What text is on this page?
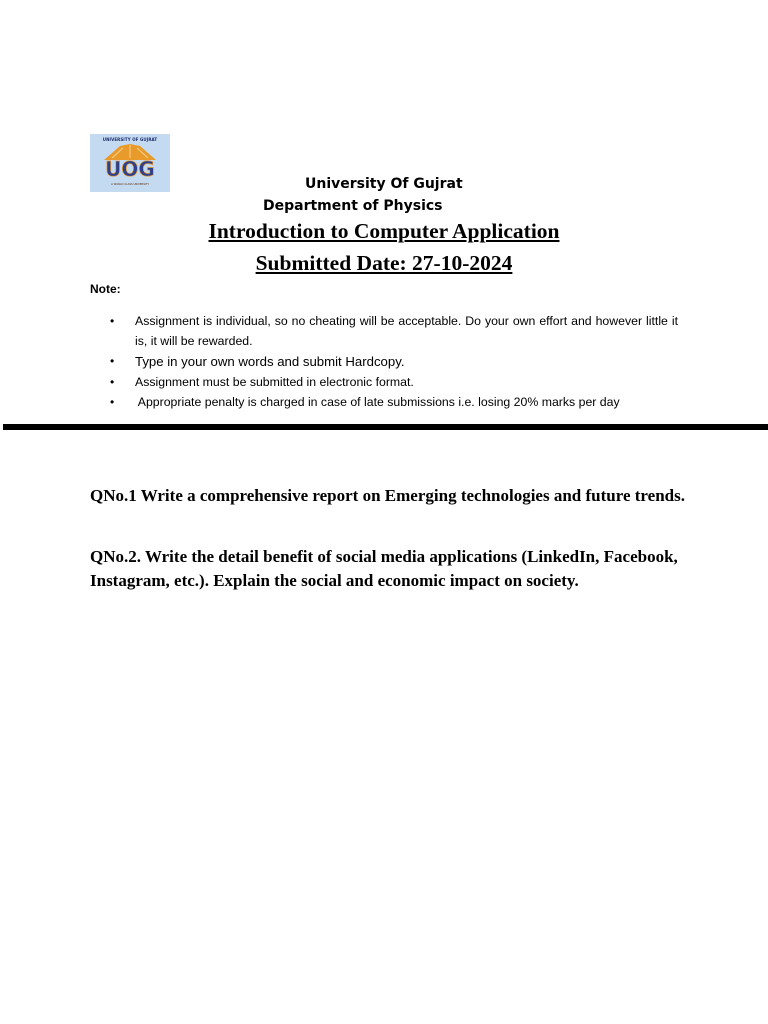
UNIVERSITY OF GUJRAT
UOG
A WORLD CLASS UNIVERSITY	University Of Gujrat
Department of Physics
Introduction to Computer Application
Submitted Date: 27-10-2024
Note:
• Assignment is individual, so no cheating will be acceptable. Do your own effort and however little it is, it will be rewarded.
• Type in your own words and submit Hardcopy.
• Assignment must be submitted in electronic format.
• Appropriate penalty is charged in case of late submissions i.e. losing 20% marks per day
QNo.1 Write a comprehensive report on Emerging technologies and future trends.
QNo.2. Write the detail benefit of social media applications (LinkedIn, Facebook, Instagram, etc.). Explain the social and economic impact on society.
